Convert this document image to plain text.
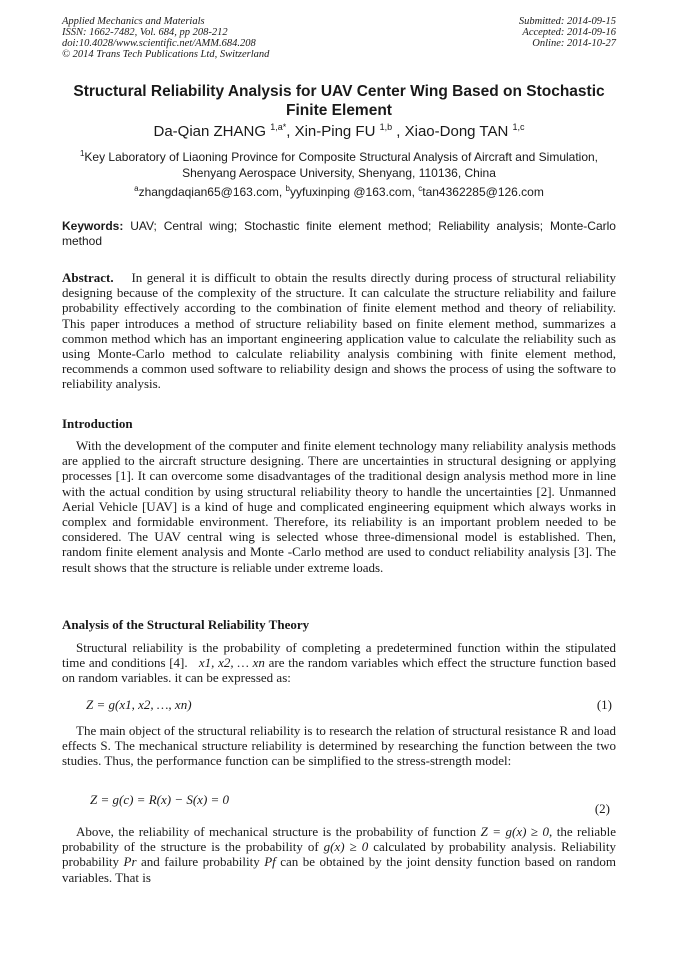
Applied Mechanics and Materials
ISSN: 1662-7482, Vol. 684, pp 208-212
doi:10.4028/www.scientific.net/AMM.684.208
© 2014 Trans Tech Publications Ltd, Switzerland
Submitted: 2014-09-15
Accepted: 2014-09-16
Online: 2014-10-27
Structural Reliability Analysis for UAV Center Wing Based on Stochastic
Finite Element
Da-Qian ZHANG $^{1,a*}$, Xin-Ping FU $^{1,b}$ , Xiao-Dong TAN $^{1,c}$
$^1$Key Laboratory of Liaoning Province for Composite Structural Analysis of Aircraft and Simulation,
Shenyang Aerospace University, Shenyang, 110136, China
$^a$zhangdaqian65@163.com, $^b$yyfuxinping @163.com, $^c$tan4362285@126.com
Keywords: UAV; Central wing; Stochastic finite element method; Reliability analysis; Monte-Carlo method
Abstract. In general it is difficult to obtain the results directly during process of structural reliability designing because of the complexity of the structure. It can calculate the structure reliability and failure probability effectively according to the combination of finite element method and theory of reliability. This paper introduces a method of structure reliability based on finite element method, summarizes a common method which has an important engineering application value to calculate the reliability such as using Monte-Carlo method to calculate reliability analysis combining with finite element method, recommends a common used software to reliability design and shows the process of using the software to reliability analysis.
Introduction
With the development of the computer and finite element technology many reliability analysis methods are applied to the aircraft structure designing. There are uncertainties in structural designing or applying processes [1]. It can overcome some disadvantages of the traditional design analysis method more in line with the actual condition by using structural reliability theory to handle the uncertainties [2]. Unmanned Aerial Vehicle [UAV] is a kind of huge and complicated engineering equipment which always works in complex and formidable environment. Therefore, its reliability is an important problem needed to be considered. The UAV central wing is selected whose three-dimensional model is established. Then, random finite element analysis and Monte -Carlo method are used to conduct reliability analysis [3]. The result shows that the structure is reliable under extreme loads.
Analysis of the Structural Reliability Theory
Structural reliability is the probability of completing a predetermined function within the stipulated time and conditions [4]. x1, x2, … xn are the random variables which effect the structure function based on random variables. it can be expressed as:
Z = g(x1, x2, …, xn)	(1)
The main object of the structural reliability is to research the relation of structural resistance R and load effects S. The mechanical structure reliability is determined by researching the function between the two studies. Thus, the performance function can be simplified to the stress-strength model:
Z = g(c) = R(x) − S(x) = 0
(2)
Above, the reliability of mechanical structure is the probability of function Z = g(x) ≥ 0, the reliable probability of the structure is the probability of g(x) ≥ 0 calculated by probability analysis. Reliability probability Pr and failure probability Pf can be obtained by the joint density function based on random variables. That is
